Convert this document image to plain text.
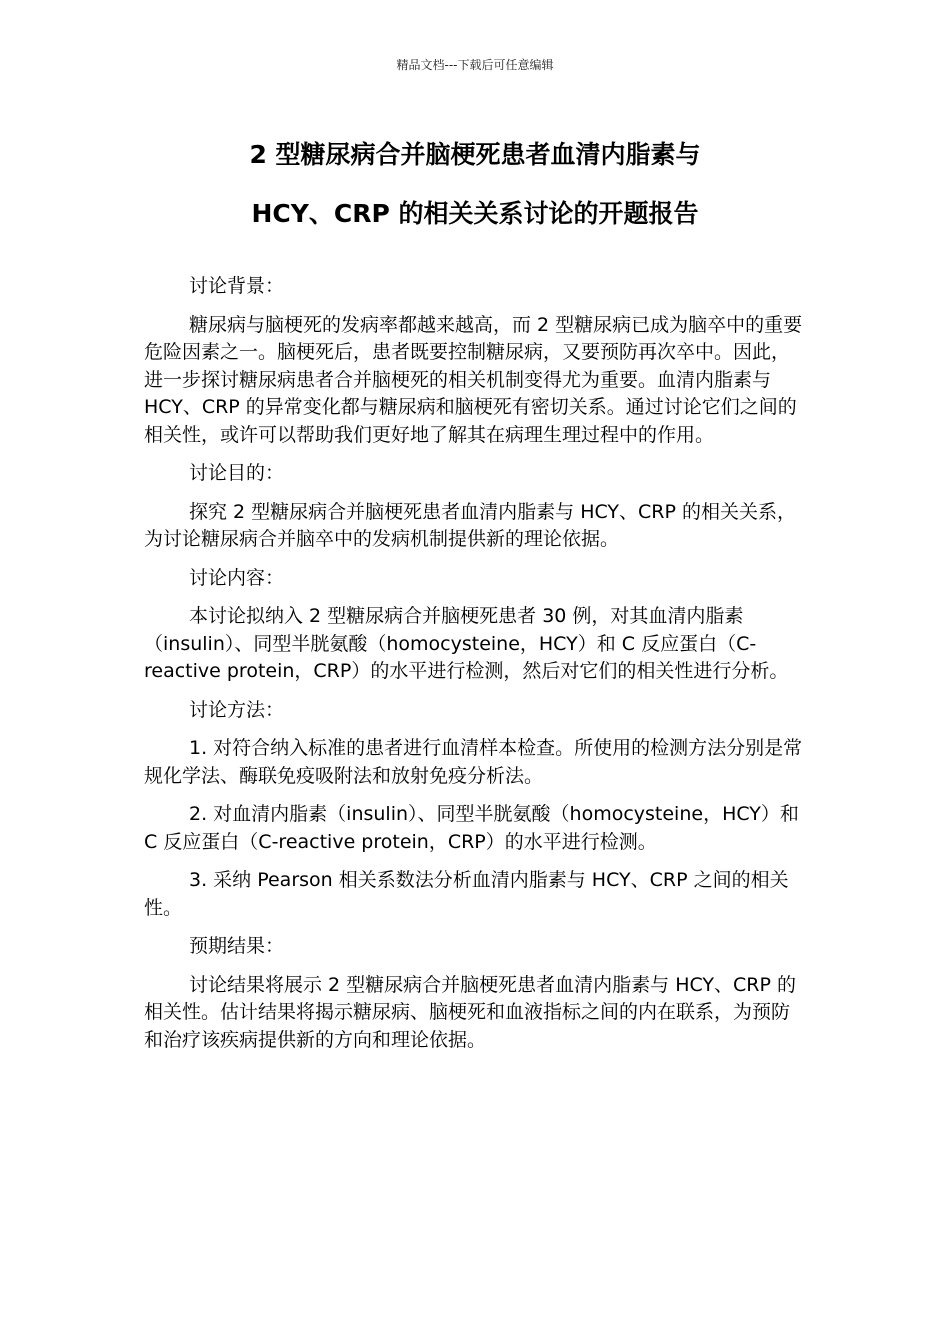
精品文档---下载后可任意编辑
2 型糖尿病合并脑梗死患者血清内脂素与
HCY、CRP 的相关关系讨论的开题报告

讨论背景：

糖尿病与脑梗死的发病率都越来越高，而 2 型糖尿病已成为脑卒中的重要危险因素之一。脑梗死后，患者既要控制糖尿病，又要预防再次卒中。因此，进一步探讨糖尿病患者合并脑梗死的相关机制变得尤为重要。血清内脂素与 HCY、CRP 的异常变化都与糖尿病和脑梗死有密切关系。通过讨论它们之间的相关性，或许可以帮助我们更好地了解其在病理生理过程中的作用。

讨论目的：

探究 2 型糖尿病合并脑梗死患者血清内脂素与 HCY、CRP 的相关关系，为讨论糖尿病合并脑卒中的发病机制提供新的理论依据。

讨论内容：

本讨论拟纳入 2 型糖尿病合并脑梗死患者 30 例，对其血清内脂素（insulin）、同型半胱氨酸（homocysteine，HCY）和 C 反应蛋白（C-reactive protein，CRP）的水平进行检测，然后对它们的相关性进行分析。

讨论方法：

1. 对符合纳入标准的患者进行血清样本检查。所使用的检测方法分别是常规化学法、酶联免疫吸附法和放射免疫分析法。

2. 对血清内脂素（insulin）、同型半胱氨酸（homocysteine，HCY）和 C 反应蛋白（C-reactive protein，CRP）的水平进行检测。

3. 采纳 Pearson 相关系数法分析血清内脂素与 HCY、CRP 之间的相关性。

预期结果：

讨论结果将展示 2 型糖尿病合并脑梗死患者血清内脂素与 HCY、CRP 的相关性。估计结果将揭示糖尿病、脑梗死和血液指标之间的内在联系，为预防和治疗该疾病提供新的方向和理论依据。
